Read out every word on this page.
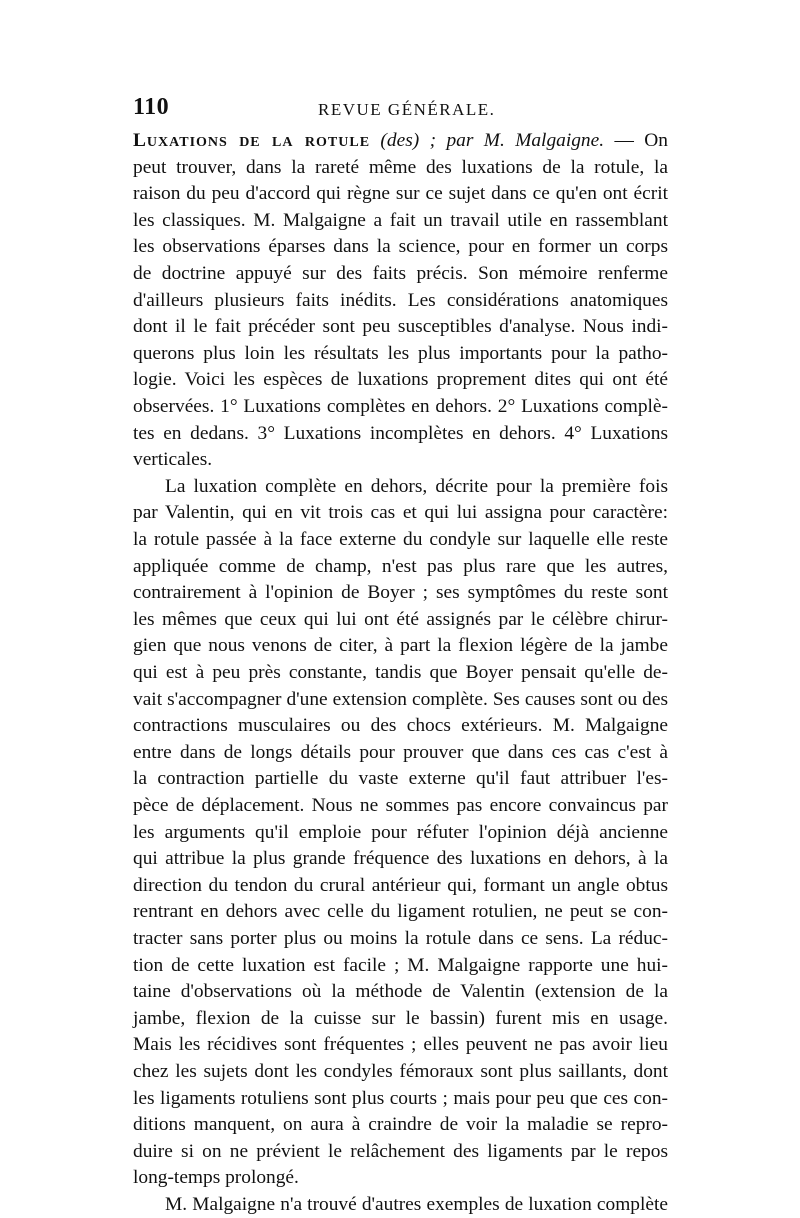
110	REVUE GÉNÉRALE.
Luxations de la rotule (des) ; par M. Malgaigne. — On
peut trouver, dans la rareté même des luxations de la rotule, la
raison du peu d'accord qui règne sur ce sujet dans ce qu'en ont écrit
les classiques. M. Malgaigne a fait un travail utile en rassemblant
les observations éparses dans la science, pour en former un corps
de doctrine appuyé sur des faits précis. Son mémoire renferme
d'ailleurs plusieurs faits inédits. Les considérations anatomiques
dont il le fait précéder sont peu susceptibles d'analyse. Nous indi-
querons plus loin les résultats les plus importants pour la patho-
logie. Voici les espèces de luxations proprement dites qui ont été
observées. 1° Luxations complètes en dehors. 2° Luxations complè-
tes en dedans. 3° Luxations incomplètes en dehors. 4° Luxations
verticales.
La luxation complète en dehors, décrite pour la première fois
par Valentin, qui en vit trois cas et qui lui assigna pour caractère:
la rotule passée à la face externe du condyle sur laquelle elle reste
appliquée comme de champ, n'est pas plus rare que les autres,
contrairement à l'opinion de Boyer ; ses symptômes du reste sont
les mêmes que ceux qui lui ont été assignés par le célèbre chirur-
gien que nous venons de citer, à part la flexion légère de la jambe
qui est à peu près constante, tandis que Boyer pensait qu'elle de-
vait s'accompagner d'une extension complète. Ses causes sont ou des
contractions musculaires ou des chocs extérieurs. M. Malgaigne
entre dans de longs détails pour prouver que dans ces cas c'est à
la contraction partielle du vaste externe qu'il faut attribuer l'es-
pèce de déplacement. Nous ne sommes pas encore convaincus par
les arguments qu'il emploie pour réfuter l'opinion déjà ancienne
qui attribue la plus grande fréquence des luxations en dehors, à la
direction du tendon du crural antérieur qui, formant un angle obtus
rentrant en dehors avec celle du ligament rotulien, ne peut se con-
tracter sans porter plus ou moins la rotule dans ce sens. La réduc-
tion de cette luxation est facile ; M. Malgaigne rapporte une hui-
taine d'observations où la méthode de Valentin (extension de la
jambe, flexion de la cuisse sur le bassin) furent mis en usage.
Mais les récidives sont fréquentes ; elles peuvent ne pas avoir lieu
chez les sujets dont les condyles fémoraux sont plus saillants, dont
les ligaments rotuliens sont plus courts ; mais pour peu que ces con-
ditions manquent, on aura à craindre de voir la maladie se repro-
duire si on ne prévient le relâchement des ligaments par le repos
long-temps prolongé.
M. Malgaigne n'a trouvé d'autres exemples de luxation complète
